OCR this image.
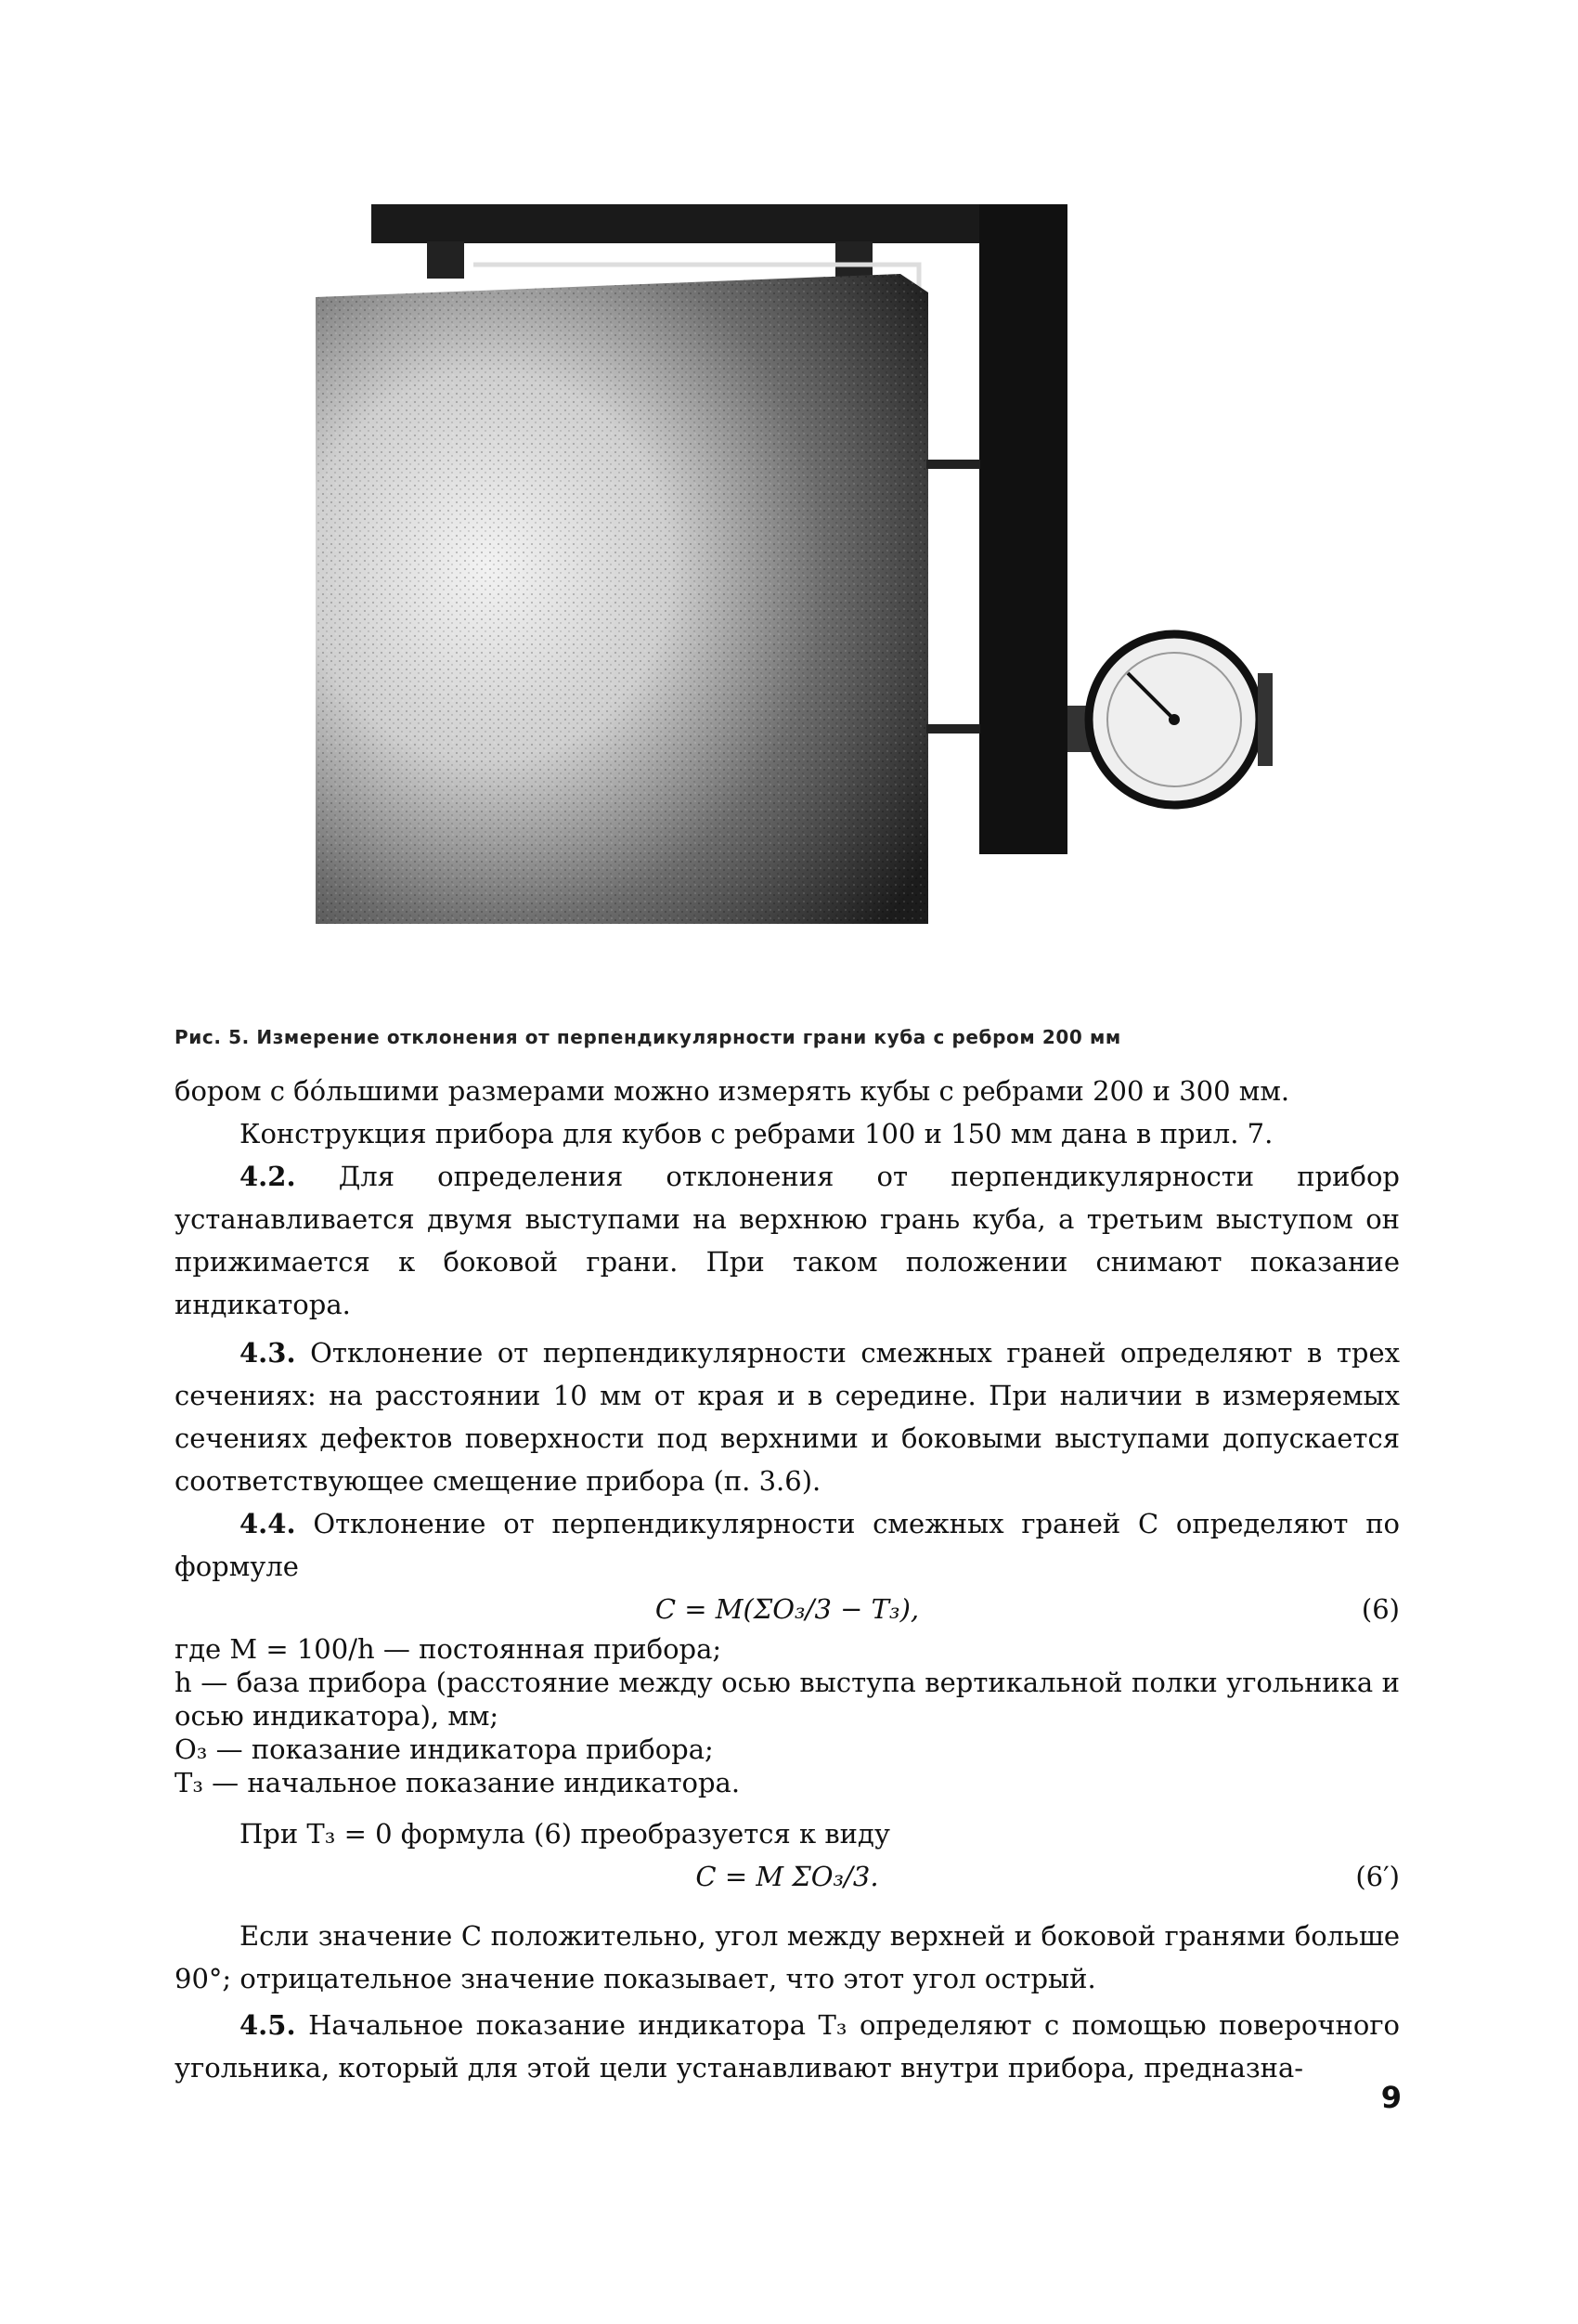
Рис. 5. Измерение отклонения от перпендикулярности грани куба с ребром 200 мм

бором с бо́льшими размерами можно измерять кубы с ребрами 200 и 300 мм.

Конструкция прибора для кубов с ребрами 100 и 150 мм дана в прил. 7.

4.2. Для определения отклонения от перпендикулярности прибор устанавливается двумя выступами на верхнюю грань куба, а третьим выступом он прижимается к боковой грани. При таком положении снимают показание индикатора.

4.3. Отклонение от перпендикулярности смежных граней определяют в трех сечениях: на расстоянии 10 мм от края и в середине. При наличии в измеряемых сечениях дефектов поверхности под верхними и боковыми выступами допускается соответствующее смещение прибора (п. 3.6).

4.4. Отклонение от перпендикулярности смежных граней C определяют по формуле

C = M(ΣO₃/3 − T₃),	(6)

где M = 100/h — постоянная прибора;

h — база прибора (расстояние между осью выступа вертикальной полки угольника и осью индикатора), мм;

O₃ — показание индикатора прибора;

T₃ — начальное показание индикатора.

При T₃ = 0 формула (6) преобразуется к виду

C = M ΣO₃/3.	(6′)

Если значение C положительно, угол между верхней и боковой гранями больше 90°; отрицательное значение показывает, что этот угол острый.

4.5. Начальное показание индикатора T₃ определяют с помощью поверочного угольника, который для этой цели устанавливают внутри прибора, предназна-

9
